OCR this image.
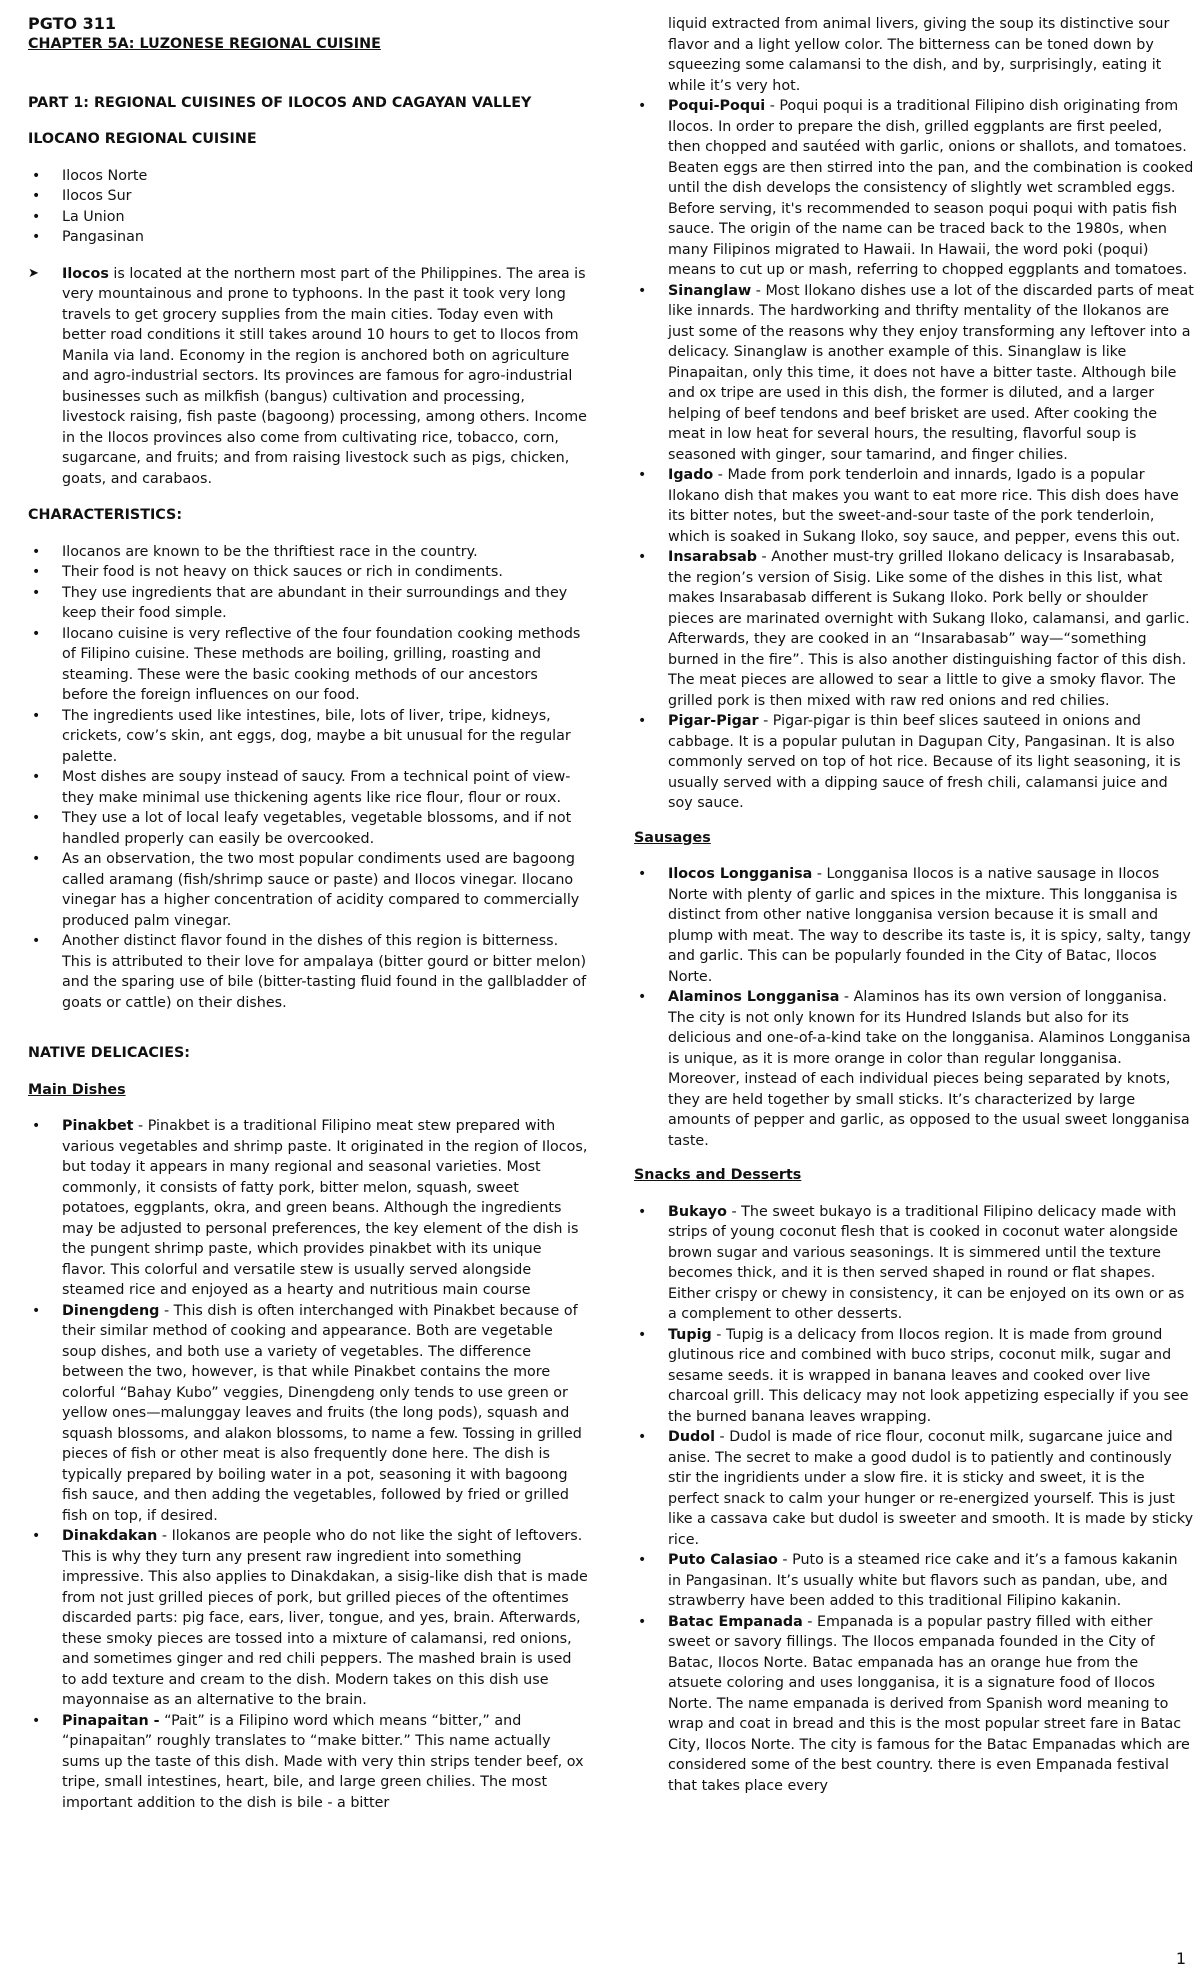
PGTO 311
CHAPTER 5A: LUZONESE REGIONAL CUISINE
PART 1: REGIONAL CUISINES OF ILOCOS AND CAGAYAN VALLEY
ILOCANO REGIONAL CUISINE
• Ilocos Norte
• Ilocos Sur
• La Union
• Pangasinan
➤ Ilocos is located at the northern most part of the Philippines. The area is very mountainous and prone to typhoons. In the past it took very long travels to get grocery supplies from the main cities. Today even with better road conditions it still takes around 10 hours to get to Ilocos from Manila via land. Economy in the region is anchored both on agriculture and agro-industrial sectors. Its provinces are famous for agro-industrial businesses such as milkfish (bangus) cultivation and processing, livestock raising, fish paste (bagoong) processing, among others. Income in the Ilocos provinces also come from cultivating rice, tobacco, corn, sugarcane, and fruits; and from raising livestock such as pigs, chicken, goats, and carabaos.
CHARACTERISTICS:
• Ilocanos are known to be the thriftiest race in the country.
• Their food is not heavy on thick sauces or rich in condiments.
• They use ingredients that are abundant in their surroundings and they keep their food simple.
• Ilocano cuisine is very reflective of the four foundation cooking methods of Filipino cuisine. These methods are boiling, grilling, roasting and steaming. These were the basic cooking methods of our ancestors before the foreign influences on our food.
• The ingredients used like intestines, bile, lots of liver, tripe, kidneys, crickets, cow’s skin, ant eggs, dog, maybe a bit unusual for the regular palette.
• Most dishes are soupy instead of saucy. From a technical point of view- they make minimal use thickening agents like rice flour, flour or roux.
• They use a lot of local leafy vegetables, vegetable blossoms, and if not handled properly can easily be overcooked.
• As an observation, the two most popular condiments used are bagoong called aramang (fish/shrimp sauce or paste) and Ilocos vinegar. Ilocano vinegar has a higher concentration of acidity compared to commercially produced palm vinegar.
• Another distinct flavor found in the dishes of this region is bitterness. This is attributed to their love for ampalaya (bitter gourd or bitter melon) and the sparing use of bile (bitter-tasting fluid found in the gallbladder of goats or cattle) on their dishes.
NATIVE DELICACIES:
Main Dishes
• Pinakbet - Pinakbet is a traditional Filipino meat stew prepared with various vegetables and shrimp paste. It originated in the region of Ilocos, but today it appears in many regional and seasonal varieties. Most commonly, it consists of fatty pork, bitter melon, squash, sweet potatoes, eggplants, okra, and green beans. Although the ingredients may be adjusted to personal preferences, the key element of the dish is the pungent shrimp paste, which provides pinakbet with its unique flavor. This colorful and versatile stew is usually served alongside steamed rice and enjoyed as a hearty and nutritious main course
• Dinengdeng - This dish is often interchanged with Pinakbet because of their similar method of cooking and appearance. Both are vegetable soup dishes, and both use a variety of vegetables. The difference between the two, however, is that while Pinakbet contains the more colorful “Bahay Kubo” veggies, Dinengdeng only tends to use green or yellow ones—malunggay leaves and fruits (the long pods), squash and squash blossoms, and alakon blossoms, to name a few. Tossing in grilled pieces of fish or other meat is also frequently done here. The dish is typically prepared by boiling water in a pot, seasoning it with bagoong fish sauce, and then adding the vegetables, followed by fried or grilled fish on top, if desired.
• Dinakdakan - Ilokanos are people who do not like the sight of leftovers. This is why they turn any present raw ingredient into something impressive. This also applies to Dinakdakan, a sisig-like dish that is made from not just grilled pieces of pork, but grilled pieces of the oftentimes discarded parts: pig face, ears, liver, tongue, and yes, brain. Afterwards, these smoky pieces are tossed into a mixture of calamansi, red onions, and sometimes ginger and red chili peppers. The mashed brain is used to add texture and cream to the dish. Modern takes on this dish use mayonnaise as an alternative to the brain.
• Pinapaitan - “Pait” is a Filipino word which means “bitter,” and “pinapaitan” roughly translates to “make bitter.” This name actually sums up the taste of this dish. Made with very thin strips tender beef, ox tripe, small intestines, heart, bile, and large green chilies. The most important addition to the dish is bile - a bitter
liquid extracted from animal livers, giving the soup its distinctive sour flavor and a light yellow color. The bitterness can be toned down by squeezing some calamansi to the dish, and by, surprisingly, eating it while it’s very hot.
• Poqui-Poqui - Poqui poqui is a traditional Filipino dish originating from Ilocos. In order to prepare the dish, grilled eggplants are first peeled, then chopped and sautéed with garlic, onions or shallots, and tomatoes. Beaten eggs are then stirred into the pan, and the combination is cooked until the dish develops the consistency of slightly wet scrambled eggs. Before serving, it's recommended to season poqui poqui with patis fish sauce. The origin of the name can be traced back to the 1980s, when many Filipinos migrated to Hawaii. In Hawaii, the word poki (poqui) means to cut up or mash, referring to chopped eggplants and tomatoes.
• Sinanglaw - Most Ilokano dishes use a lot of the discarded parts of meat like innards. The hardworking and thrifty mentality of the Ilokanos are just some of the reasons why they enjoy transforming any leftover into a delicacy. Sinanglaw is another example of this. Sinanglaw is like Pinapaitan, only this time, it does not have a bitter taste. Although bile and ox tripe are used in this dish, the former is diluted, and a larger helping of beef tendons and beef brisket are used. After cooking the meat in low heat for several hours, the resulting, flavorful soup is seasoned with ginger, sour tamarind, and finger chilies.
• Igado - Made from pork tenderloin and innards, Igado is a popular Ilokano dish that makes you want to eat more rice. This dish does have its bitter notes, but the sweet-and-sour taste of the pork tenderloin, which is soaked in Sukang Iloko, soy sauce, and pepper, evens this out.
• Insarabsab - Another must-try grilled Ilokano delicacy is Insarabasab, the region’s version of Sisig. Like some of the dishes in this list, what makes Insarabasab different is Sukang Iloko. Pork belly or shoulder pieces are marinated overnight with Sukang Iloko, calamansi, and garlic. Afterwards, they are cooked in an “Insarabasab” way—“something burned in the fire”. This is also another distinguishing factor of this dish. The meat pieces are allowed to sear a little to give a smoky flavor. The grilled pork is then mixed with raw red onions and red chilies.
• Pigar-Pigar - Pigar-pigar is thin beef slices sauteed in onions and cabbage. It is a popular pulutan in Dagupan City, Pangasinan. It is also commonly served on top of hot rice. Because of its light seasoning, it is usually served with a dipping sauce of fresh chili, calamansi juice and soy sauce.
Sausages
• Ilocos Longganisa - Longganisa Ilocos is a native sausage in Ilocos Norte with plenty of garlic and spices in the mixture. This longganisa is distinct from other native longganisa version because it is small and plump with meat. The way to describe its taste is, it is spicy, salty, tangy and garlic. This can be popularly founded in the City of Batac, Ilocos Norte.
• Alaminos Longganisa - Alaminos has its own version of longganisa. The city is not only known for its Hundred Islands but also for its delicious and one-of-a-kind take on the longganisa. Alaminos Longganisa is unique, as it is more orange in color than regular longganisa. Moreover, instead of each individual pieces being separated by knots, they are held together by small sticks. It’s characterized by large amounts of pepper and garlic, as opposed to the usual sweet longganisa taste.
Snacks and Desserts
• Bukayo - The sweet bukayo is a traditional Filipino delicacy made with strips of young coconut flesh that is cooked in coconut water alongside brown sugar and various seasonings. It is simmered until the texture becomes thick, and it is then served shaped in round or flat shapes. Either crispy or chewy in consistency, it can be enjoyed on its own or as a complement to other desserts.
• Tupig - Tupig is a delicacy from Ilocos region. It is made from ground glutinous rice and combined with buco strips, coconut milk, sugar and sesame seeds. it is wrapped in banana leaves and cooked over live charcoal grill. This delicacy may not look appetizing especially if you see the burned banana leaves wrapping.
• Dudol - Dudol is made of rice flour, coconut milk, sugarcane juice and anise. The secret to make a good dudol is to patiently and continously stir the ingridients under a slow fire. it is sticky and sweet, it is the perfect snack to calm your hunger or re-energized yourself. This is just like a cassava cake but dudol is sweeter and smooth. It is made by sticky rice.
• Puto Calasiao - Puto is a steamed rice cake and it’s a famous kakanin in Pangasinan. It’s usually white but flavors such as pandan, ube, and strawberry have been added to this traditional Filipino kakanin.
• Batac Empanada - Empanada is a popular pastry filled with either sweet or savory fillings. The Ilocos empanada founded in the City of Batac, Ilocos Norte. Batac empanada has an orange hue from the atsuete coloring and uses longganisa, it is a signature food of Ilocos Norte. The name empanada is derived from Spanish word meaning to wrap and coat in bread and this is the most popular street fare in Batac City, Ilocos Norte. The city is famous for the Batac Empanadas which are considered some of the best country. there is even Empanada festival that takes place every
1
